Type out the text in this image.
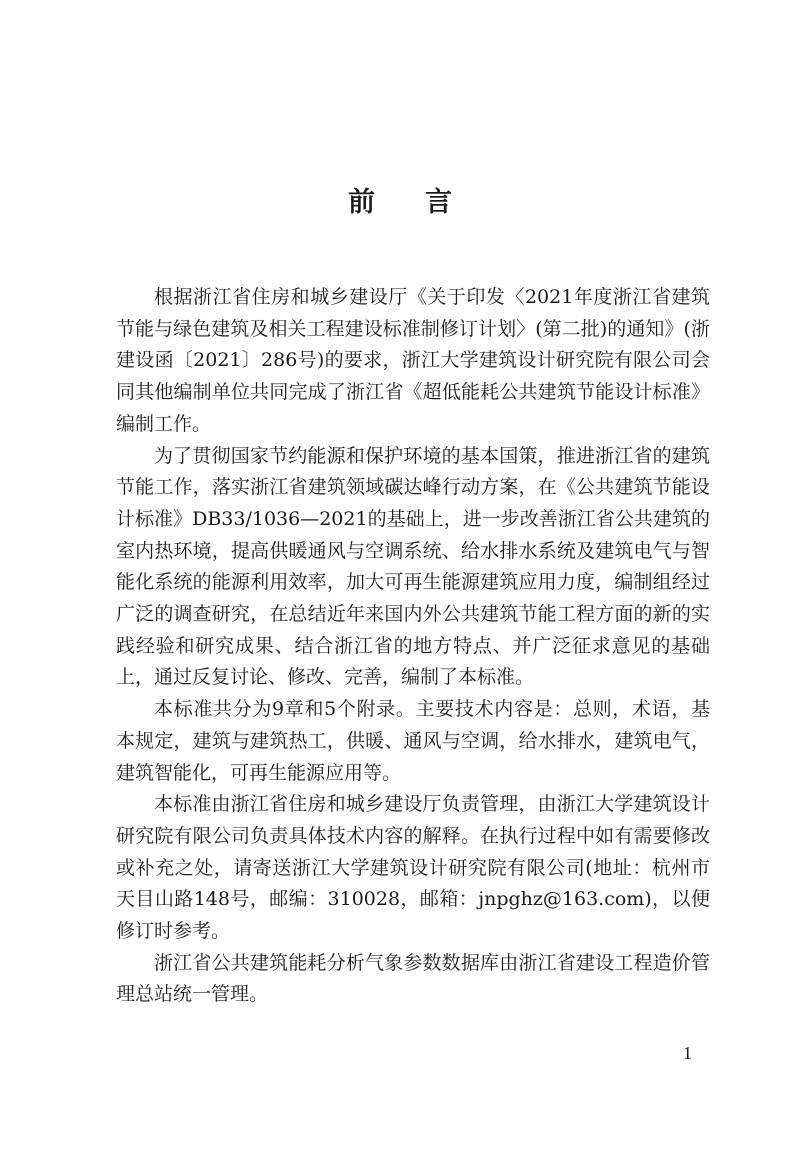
前言

根据浙江省住房和城乡建设厅《关于印发〈2021年度浙江省建筑节能与绿色建筑及相关工程建设标准制修订计划〉(第二批)的通知》(浙建设函〔2021〕286号)的要求，浙江大学建筑设计研究院有限公司会同其他编制单位共同完成了浙江省《超低能耗公共建筑节能设计标准》编制工作。

为了贯彻国家节约能源和保护环境的基本国策，推进浙江省的建筑节能工作，落实浙江省建筑领域碳达峰行动方案，在《公共建筑节能设计标准》DB33/1036—2021的基础上，进一步改善浙江省公共建筑的室内热环境，提高供暖通风与空调系统、给水排水系统及建筑电气与智能化系统的能源利用效率，加大可再生能源建筑应用力度，编制组经过广泛的调查研究，在总结近年来国内外公共建筑节能工程方面的新的实践经验和研究成果、结合浙江省的地方特点、并广泛征求意见的基础上，通过反复讨论、修改、完善，编制了本标准。

本标准共分为9章和5个附录。主要技术内容是：总则，术语，基本规定，建筑与建筑热工，供暖、通风与空调，给水排水，建筑电气，建筑智能化，可再生能源应用等。

本标准由浙江省住房和城乡建设厅负责管理，由浙江大学建筑设计研究院有限公司负责具体技术内容的解释。在执行过程中如有需要修改或补充之处，请寄送浙江大学建筑设计研究院有限公司(地址：杭州市天目山路148号，邮编：310028，邮箱：jnpghz@163.com)，以便修订时参考。

浙江省公共建筑能耗分析气象参数数据库由浙江省建设工程造价管理总站统一管理。

1
